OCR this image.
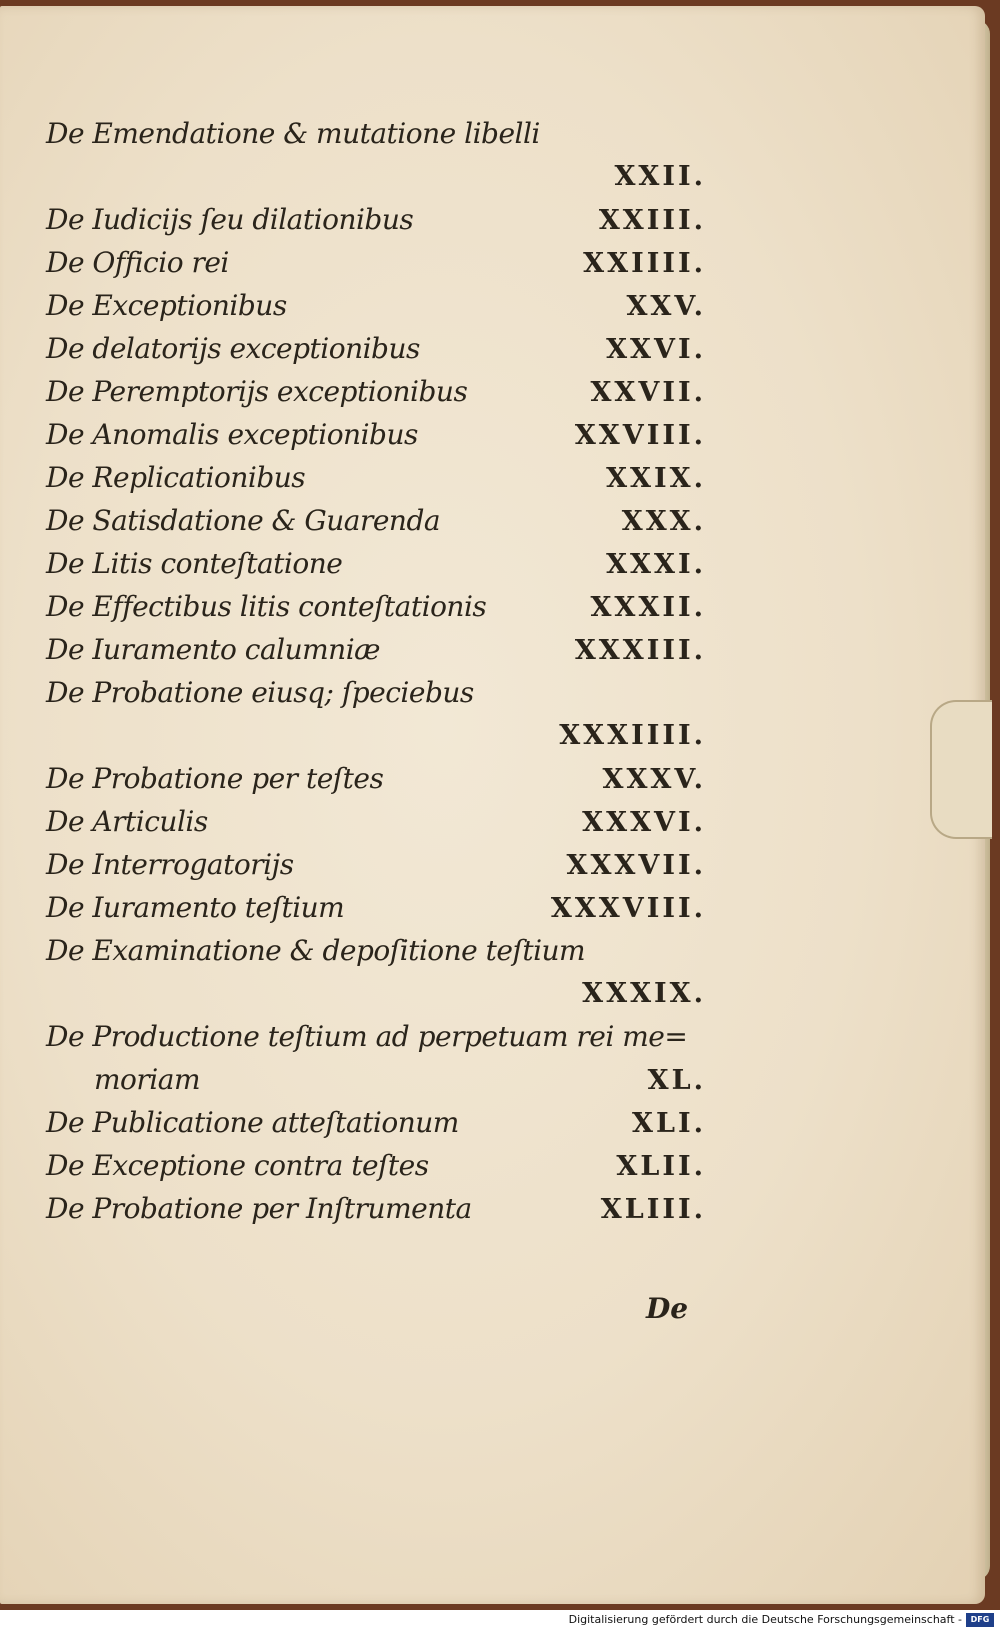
De Emendatione & mutatione libelli
XXII.
De Iudicijs ſeu dilationibus	XXIII.
De Officio rei	XXIIII.
De Exceptionibus	XXV.
De delatorijs exceptionibus	XXVI.
De Peremptorijs exceptionibus	XXVII.
De Anomalis exceptionibus	XXVIII.
De Replicationibus	XXIX.
De Satisdatione & Guarenda	XXX.
De Litis conteſtatione	XXXI.
De Effectibus litis conteſtationis	XXXII.
De Iuramento calumniæ	XXXIII.
De Probatione eiusq; ſpeciebus
XXXIIII.
De Probatione per teſtes	XXXV.
De Articulis	XXXVI.
De Interrogatorijs	XXXVII.
De Iuramento teſtium	XXXVIII.
De Examinatione & depoſitione teſtium
XXXIX.
De Productione teſtium ad perpetuam rei me=
moriam	XL.
De Publicatione atteſtationum	XLI.
De Exceptione contra teſtes	XLII.
De Probatione per Inſtrumenta	XLIII.
De
Digitalisierung gefördert durch die Deutsche Forschungsgemeinschaft -	DFG
